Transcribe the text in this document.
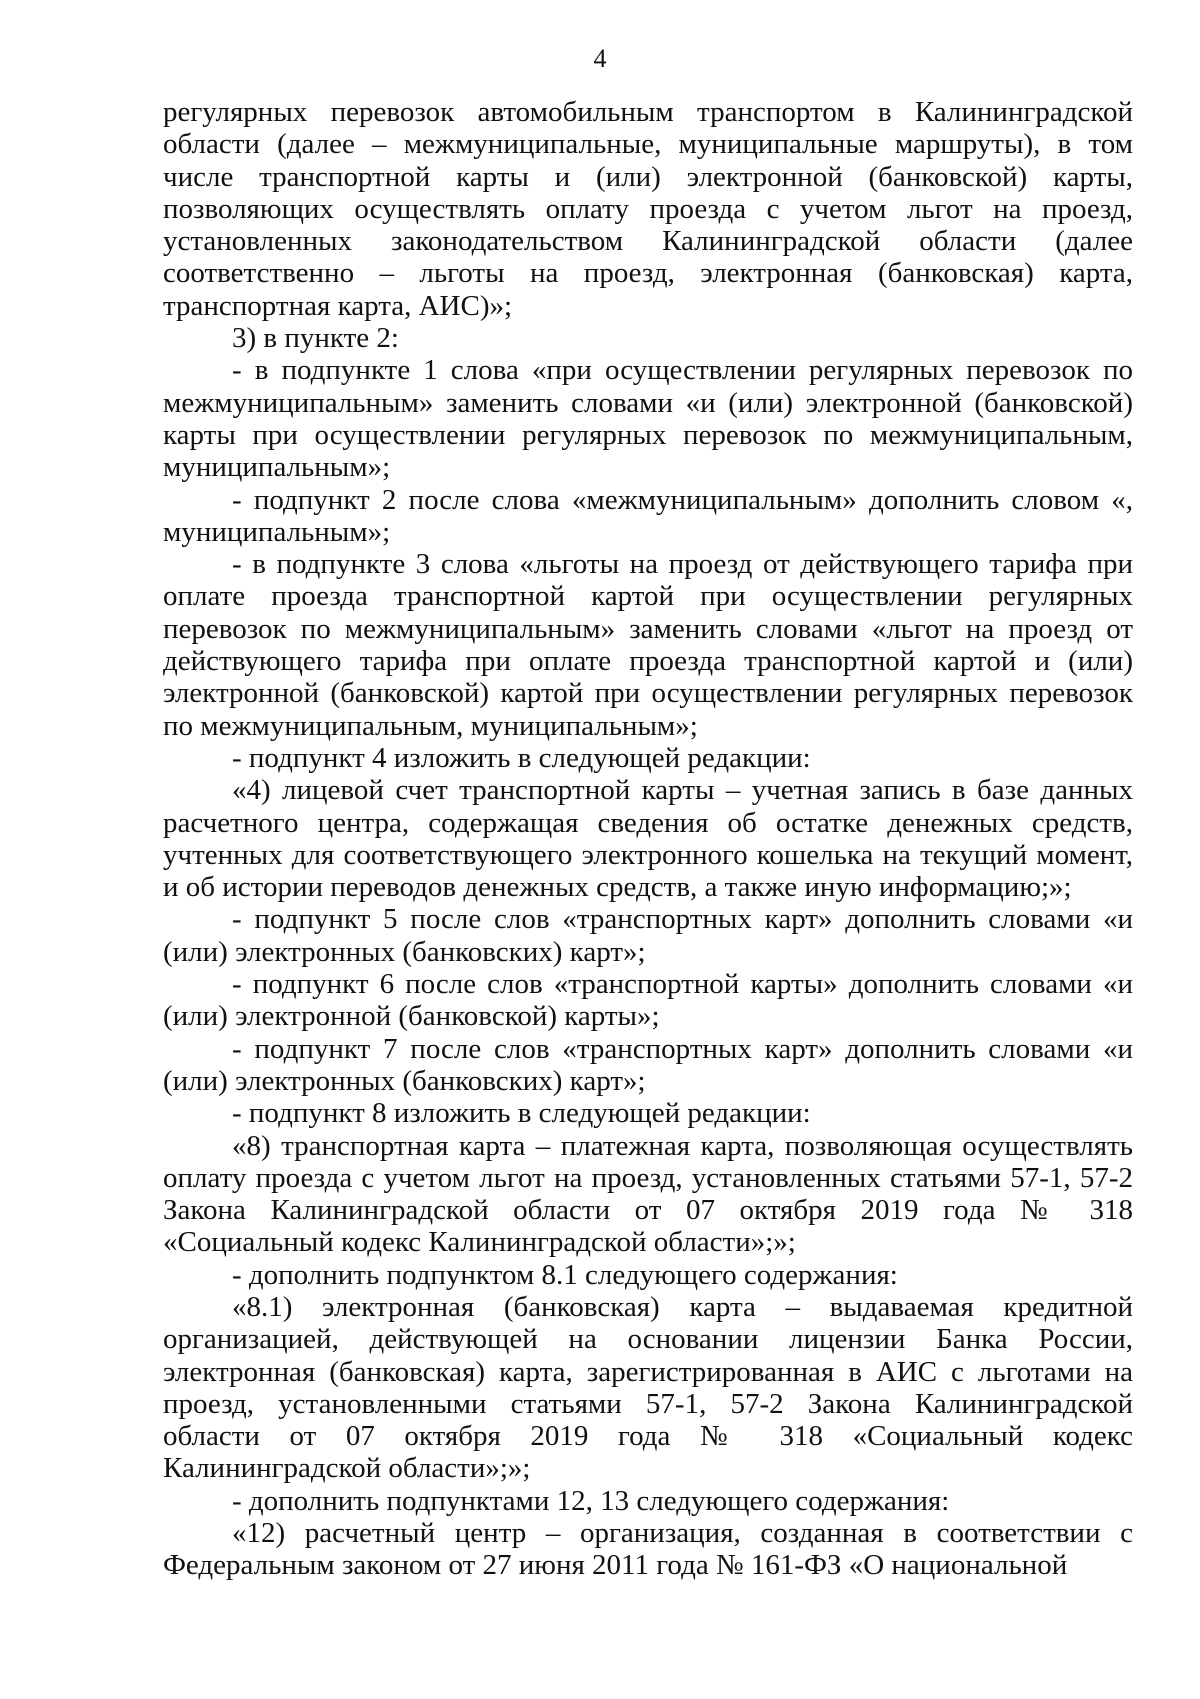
4

регулярных перевозок автомобильным транспортом в Калининградской области (далее – межмуниципальные, муниципальные маршруты), в том числе транспортной карты и (или) электронной (банковской) карты, позволяющих осуществлять оплату проезда с учетом льгот на проезд, установленных законодательством Калининградской области (далее соответственно – льготы на проезд, электронная (банковская) карта, транспортная карта, АИС)»;

3) в пункте 2:

- в подпункте 1 слова «при осуществлении регулярных перевозок по межмуниципальным» заменить словами «и (или) электронной (банковской) карты при осуществлении регулярных перевозок по межмуниципальным, муниципальным»;

- подпункт 2 после слова «межмуниципальным» дополнить словом «, муниципальным»;

- в подпункте 3 слова «льготы на проезд от действующего тарифа при оплате проезда транспортной картой при осуществлении регулярных перевозок по межмуниципальным» заменить словами «льгот на проезд от действующего тарифа при оплате проезда транспортной картой и (или) электронной (банковской) картой при осуществлении регулярных перевозок по межмуниципальным, муниципальным»;

- подпункт 4 изложить в следующей редакции:

«4) лицевой счет транспортной карты – учетная запись в базе данных расчетного центра, содержащая сведения об остатке денежных средств, учтенных для соответствующего электронного кошелька на текущий момент, и об истории переводов денежных средств, а также иную информацию;»;

- подпункт 5 после слов «транспортных карт» дополнить словами «и (или) электронных (банковских) карт»;

- подпункт 6 после слов «транспортной карты» дополнить словами «и (или) электронной (банковской) карты»;

- подпункт 7 после слов «транспортных карт» дополнить словами «и (или) электронных (банковских) карт»;

- подпункт 8 изложить в следующей редакции:

«8) транспортная карта – платежная карта, позволяющая осуществлять оплату проезда с учетом льгот на проезд, установленных статьями 57-1, 57-2 Закона Калининградской области от 07 октября 2019 года № 318 «Социальный кодекс Калининградской области»;»;

- дополнить подпунктом 8.1 следующего содержания:

«8.1) электронная (банковская) карта – выдаваемая кредитной организацией, действующей на основании лицензии Банка России, электронная (банковская) карта, зарегистрированная в АИС с льготами на проезд, установленными статьями 57-1, 57-2 Закона Калининградской области от 07 октября 2019 года № 318 «Социальный кодекс Калининградской области»;»;

- дополнить подпунктами 12, 13 следующего содержания:

«12) расчетный центр – организация, созданная в соответствии с Федеральным законом от 27 июня 2011 года № 161-ФЗ «О национальной
